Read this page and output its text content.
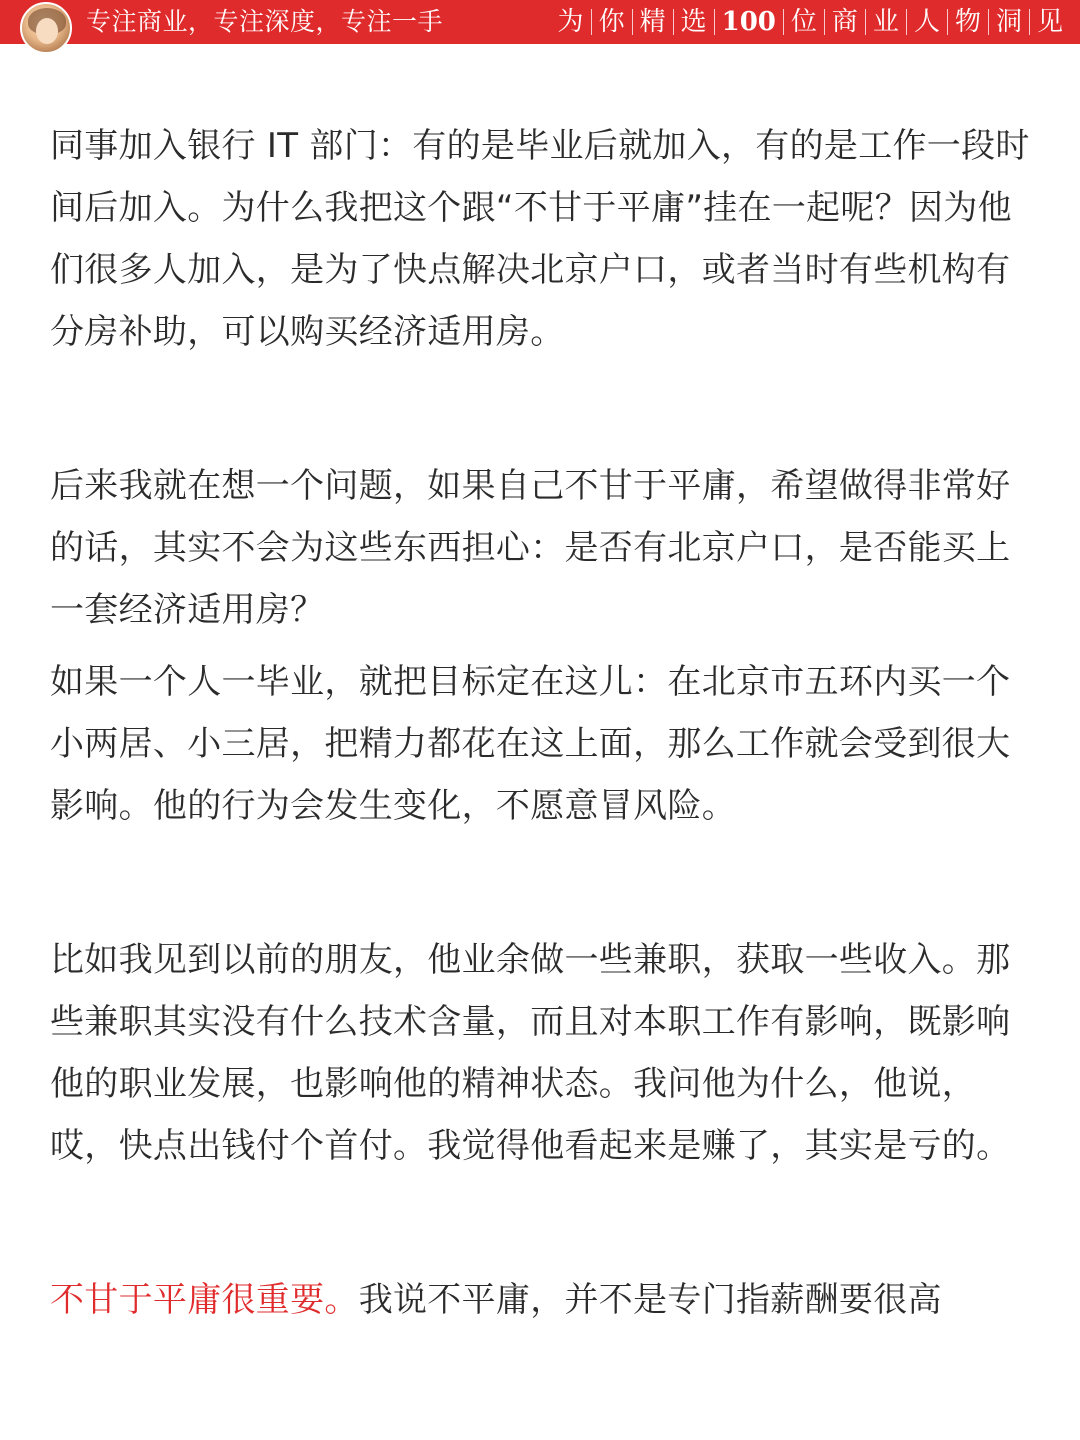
专注商业，专注深度，专注一手	为 你 精 选 100 位 商 业 人 物 洞 见

同事加入银行 IT 部门：有的是毕业后就加入，有的是工作一段时间后加入。为什么我把这个跟“不甘于平庸”挂在一起呢？因为他们很多人加入，是为了快点解决北京户口，或者当时有些机构有分房补助，可以购买经济适用房。

后来我就在想一个问题，如果自己不甘于平庸，希望做得非常好的话，其实不会为这些东西担心：是否有北京户口，是否能买上一套经济适用房？

如果一个人一毕业，就把目标定在这儿：在北京市五环内买一个小两居、小三居，把精力都花在这上面，那么工作就会受到很大影响。他的行为会发生变化，不愿意冒风险。

比如我见到以前的朋友，他业余做一些兼职，获取一些收入。那些兼职其实没有什么技术含量，而且对本职工作有影响，既影响他的职业发展，也影响他的精神状态。我问他为什么，他说，哎，快点出钱付个首付。我觉得他看起来是赚了，其实是亏的。

不甘于平庸很重要。我说不平庸，并不是专门指薪酬要很高
